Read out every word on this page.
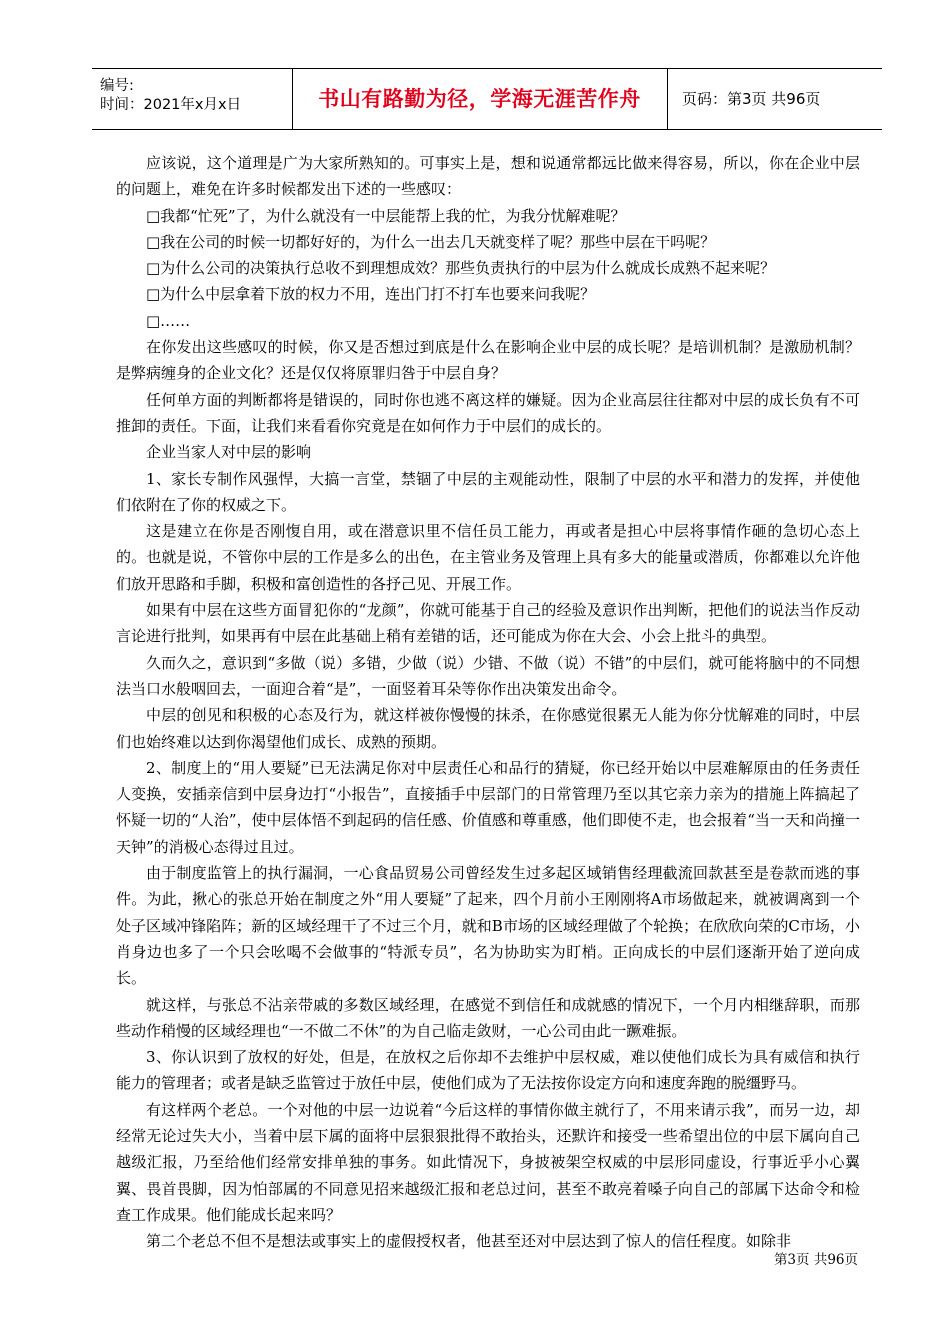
编号:
时间：2021年x月x日	书山有路勤为径，学海无涯苦作舟	页码：第3页 共96页

应该说，这个道理是广为大家所熟知的。可事实上是，想和说通常都远比做来得容易，所以，你在企业中层的问题上，难免在许多时候都发出下述的一些感叹：

□我都“忙死”了，为什么就没有一中层能帮上我的忙，为我分忧解难呢？

□我在公司的时候一切都好好的，为什么一出去几天就变样了呢？那些中层在干吗呢？

□为什么公司的决策执行总收不到理想成效？那些负责执行的中层为什么就成长成熟不起来呢？

□为什么中层拿着下放的权力不用，连出门打不打车也要来问我呢？

□……

在你发出这些感叹的时候，你又是否想过到底是什么在影响企业中层的成长呢？是培训机制？是激励机制？是弊病缠身的企业文化？还是仅仅将原罪归咎于中层自身？

任何单方面的判断都将是错误的，同时你也逃不离这样的嫌疑。因为企业高层往往都对中层的成长负有不可推卸的责任。下面，让我们来看看你究竟是在如何作力于中层们的成长的。

企业当家人对中层的影响

1、家长专制作风强悍，大搞一言堂，禁锢了中层的主观能动性，限制了中层的水平和潜力的发挥，并使他们依附在了你的权威之下。

这是建立在你是否刚愎自用，或在潜意识里不信任员工能力，再或者是担心中层将事情作砸的急切心态上的。也就是说，不管你中层的工作是多么的出色，在主管业务及管理上具有多大的能量或潜质，你都难以允许他们放开思路和手脚，积极和富创造性的各抒己见、开展工作。

如果有中层在这些方面冒犯你的“龙颜”，你就可能基于自己的经验及意识作出判断，把他们的说法当作反动言论进行批判，如果再有中层在此基础上稍有差错的话，还可能成为你在大会、小会上批斗的典型。

久而久之，意识到“多做（说）多错，少做（说）少错、不做（说）不错”的中层们，就可能将脑中的不同想法当口水般咽回去，一面迎合着“是”，一面竖着耳朵等你作出决策发出命令。

中层的创见和积极的心态及行为，就这样被你慢慢的抹杀，在你感觉很累无人能为你分忧解难的同时，中层们也始终难以达到你渴望他们成长、成熟的预期。

2、制度上的“用人要疑”已无法满足你对中层责任心和品行的猜疑，你已经开始以中层难解原由的任务责任人变换，安插亲信到中层身边打“小报告”，直接插手中层部门的日常管理乃至以其它亲力亲为的措施上阵搞起了怀疑一切的“人治”，使中层体悟不到起码的信任感、价值感和尊重感，他们即使不走，也会报着“当一天和尚撞一天钟”的消极心态得过且过。

由于制度监管上的执行漏洞，一心食品贸易公司曾经发生过多起区域销售经理截流回款甚至是卷款而逃的事件。为此，揪心的张总开始在制度之外“用人要疑”了起来，四个月前小王刚刚将A市场做起来，就被调离到一个处子区域冲锋陷阵；新的区域经理干了不过三个月，就和B市场的区域经理做了个轮换；在欣欣向荣的C市场，小肖身边也多了一个只会吆喝不会做事的“特派专员”，名为协助实为盯梢。正向成长的中层们逐渐开始了逆向成长。

就这样，与张总不沾亲带戚的多数区域经理，在感觉不到信任和成就感的情况下，一个月内相继辞职，而那些动作稍慢的区域经理也“一不做二不休”的为自己临走敛财，一心公司由此一蹶难振。

3、你认识到了放权的好处，但是，在放权之后你却不去维护中层权威，难以使他们成长为具有威信和执行能力的管理者；或者是缺乏监管过于放任中层，使他们成为了无法按你设定方向和速度奔跑的脱缰野马。

有这样两个老总。一个对他的中层一边说着“今后这样的事情你做主就行了，不用来请示我”，而另一边，却经常无论过失大小，当着中层下属的面将中层狠狠批得不敢抬头，还默许和接受一些希望出位的中层下属向自己越级汇报，乃至给他们经常安排单独的事务。如此情况下，身披被架空权威的中层形同虚设，行事近乎小心翼翼、畏首畏脚，因为怕部属的不同意见招来越级汇报和老总过问，甚至不敢亮着嗓子向自己的部属下达命令和检查工作成果。他们能成长起来吗？

第二个老总不但不是想法或事实上的虚假授权者，他甚至还对中层达到了惊人的信任程度。如除非

第3页 共96页
